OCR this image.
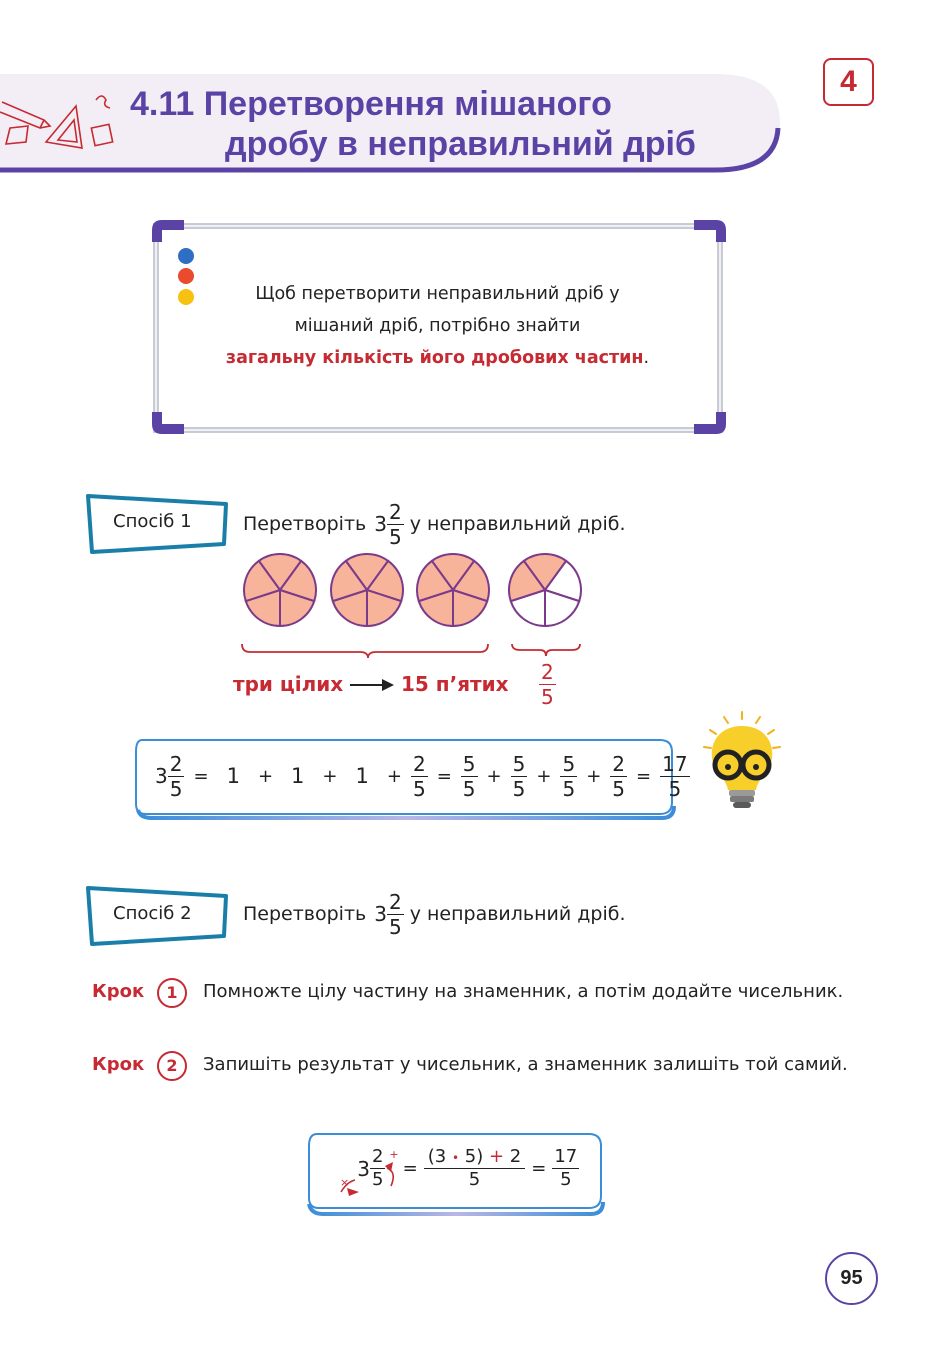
4.11 Перетворення мішаного
дробу в неправильний дріб
4
Щоб перетворити неправильний дріб у
мішаний дріб, потрібно знайти
загальну кількість його дробових частин.
Спосіб 1	Перетворіть $3 \frac{2}{5}$ у неправильний дріб.
три цілих	15 п’ятих $\frac{2}{5}$
$3 \frac{2}{5} = 1 + 1 + 1 + \frac{2}{5} = \frac{5}{5} + \frac{5}{5} + \frac{5}{5} + \frac{2}{5} = \frac{17}{5}$
Спосіб 2	Перетворіть $3 \frac{2}{5}$ у неправильний дріб.
Крок	1	Помножте цілу частину на знаменник, а потім додайте чисельник.
Крок	2	Запишіть результат у чисельник, а знаменник залишіть той самий.
×
$3 \frac{2}{5}$ +
= $\frac{(3 • 5) + 2}{5} = \frac{17}{5}$
95
